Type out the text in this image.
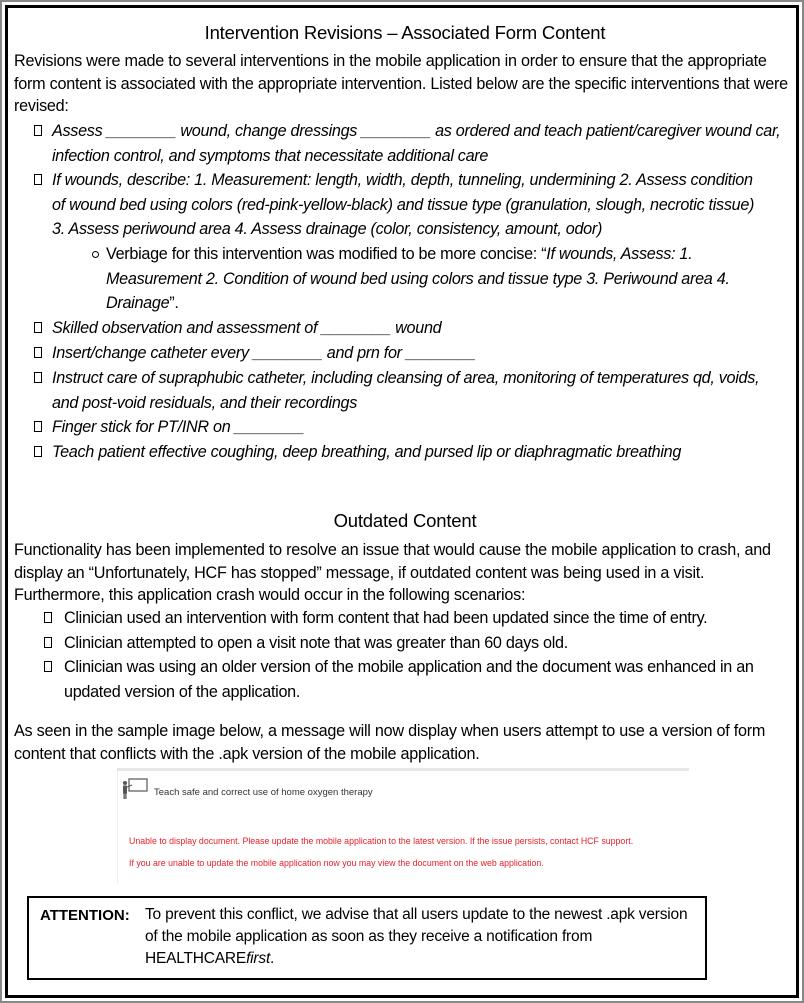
Intervention Revisions – Associated Form Content
Revisions were made to several interventions in the mobile application in order to ensure that the appropriate form content is associated with the appropriate intervention. Listed below are the specific interventions that were revised:
Assess ________ wound, change dressings ________ as ordered and teach patient/caregiver wound car,
infection control, and symptoms that necessitate additional care
If wounds, describe: 1. Measurement: length, width, depth, tunneling, undermining 2. Assess condition
of wound bed using colors (red-pink-yellow-black) and tissue type (granulation, slough, necrotic tissue)
3. Assess periwound area 4. Assess drainage (color, consistency, amount, odor)
Verbiage for this intervention was modified to be more concise: “If wounds, Assess: 1.
Measurement 2. Condition of wound bed using colors and tissue type 3. Periwound area 4.
Drainage”.
Skilled observation and assessment of ________ wound
Insert/change catheter every ________ and prn for ________
Instruct care of supraphubic catheter, including cleansing of area, monitoring of temperatures qd, voids,
and post-void residuals, and their recordings
Finger stick for PT/INR on ________
Teach patient effective coughing, deep breathing, and pursed lip or diaphragmatic breathing
Outdated Content
Functionality has been implemented to resolve an issue that would cause the mobile application to crash, and display an “Unfortunately, HCF has stopped” message, if outdated content was being used in a visit. Furthermore, this application crash would occur in the following scenarios:
Clinician used an intervention with form content that had been updated since the time of entry.
Clinician attempted to open a visit note that was greater than 60 days old.
Clinician was using an older version of the mobile application and the document was enhanced in an
updated version of the application.
As seen in the sample image below, a message will now display when users attempt to use a version of form content that conflicts with the .apk version of the mobile application.
Teach safe and correct use of home oxygen therapy
Unable to display document. Please update the mobile application to the latest version. If the issue persists, contact HCF support.
If you are unable to update the mobile application now you may view the document on the web application.
ATTENTION: To prevent this conflict, we advise that all users update to the newest .apk version of the mobile application as soon as they receive a notification from HEALTHCAREfirst.
